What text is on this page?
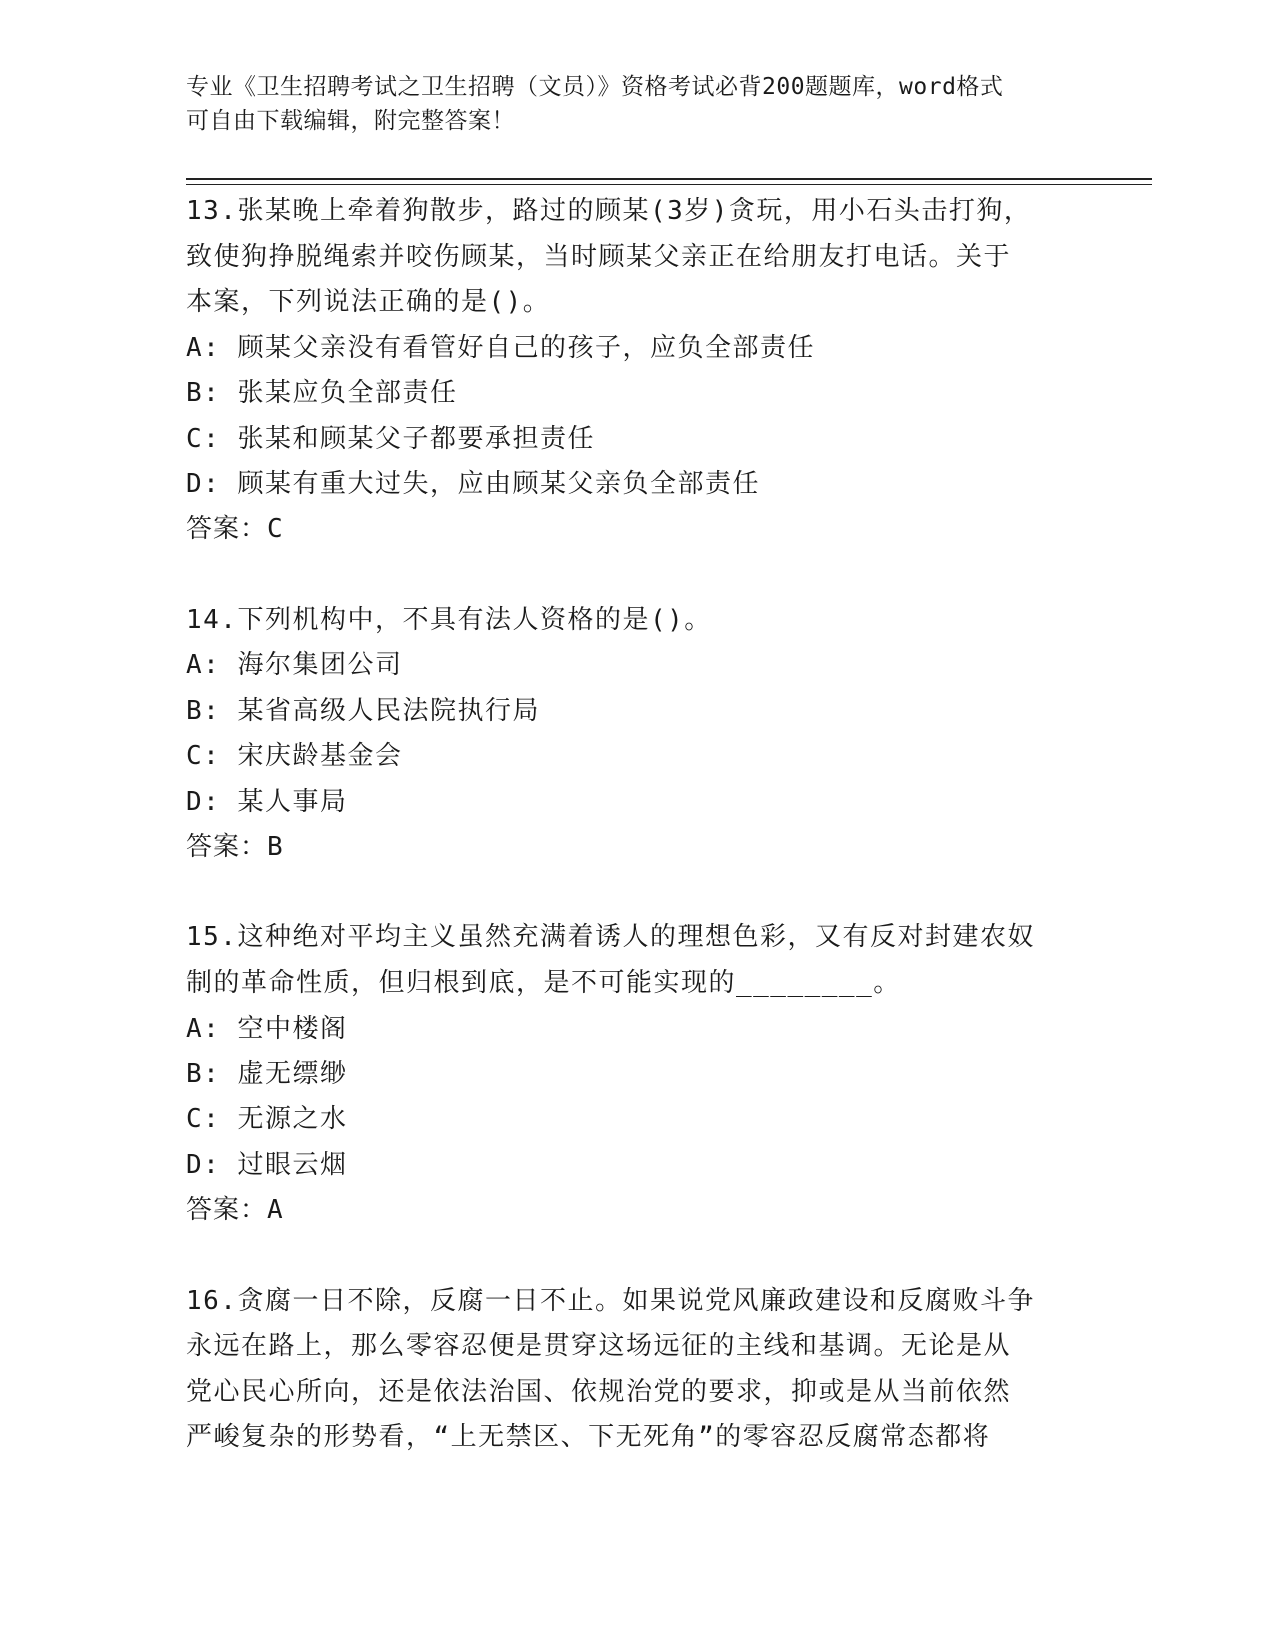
专业《卫生招聘考试之卫生招聘（文员）》资格考试必背200题题库，word格式
可自由下载编辑，附完整答案！

13.张某晚上牵着狗散步，路过的顾某(3岁)贪玩，用小石头击打狗，

致使狗挣脱绳索并咬伤顾某，当时顾某父亲正在给朋友打电话。关于

本案，下列说法正确的是()。

A: 顾某父亲没有看管好自己的孩子，应负全部责任

B: 张某应负全部责任

C: 张某和顾某父子都要承担责任

D: 顾某有重大过失，应由顾某父亲负全部责任

答案：C

14.下列机构中，不具有法人资格的是()。

A: 海尔集团公司

B: 某省高级人民法院执行局

C: 宋庆龄基金会

D: 某人事局

答案：B

15.这种绝对平均主义虽然充满着诱人的理想色彩，又有反对封建农奴

制的革命性质，但归根到底，是不可能实现的________。

A: 空中楼阁

B: 虚无缥缈

C: 无源之水

D: 过眼云烟

答案：A

16.贪腐一日不除，反腐一日不止。如果说党风廉政建设和反腐败斗争

永远在路上，那么零容忍便是贯穿这场远征的主线和基调。无论是从

党心民心所向，还是依法治国、依规治党的要求，抑或是从当前依然

严峻复杂的形势看，“上无禁区、下无死角”的零容忍反腐常态都将
